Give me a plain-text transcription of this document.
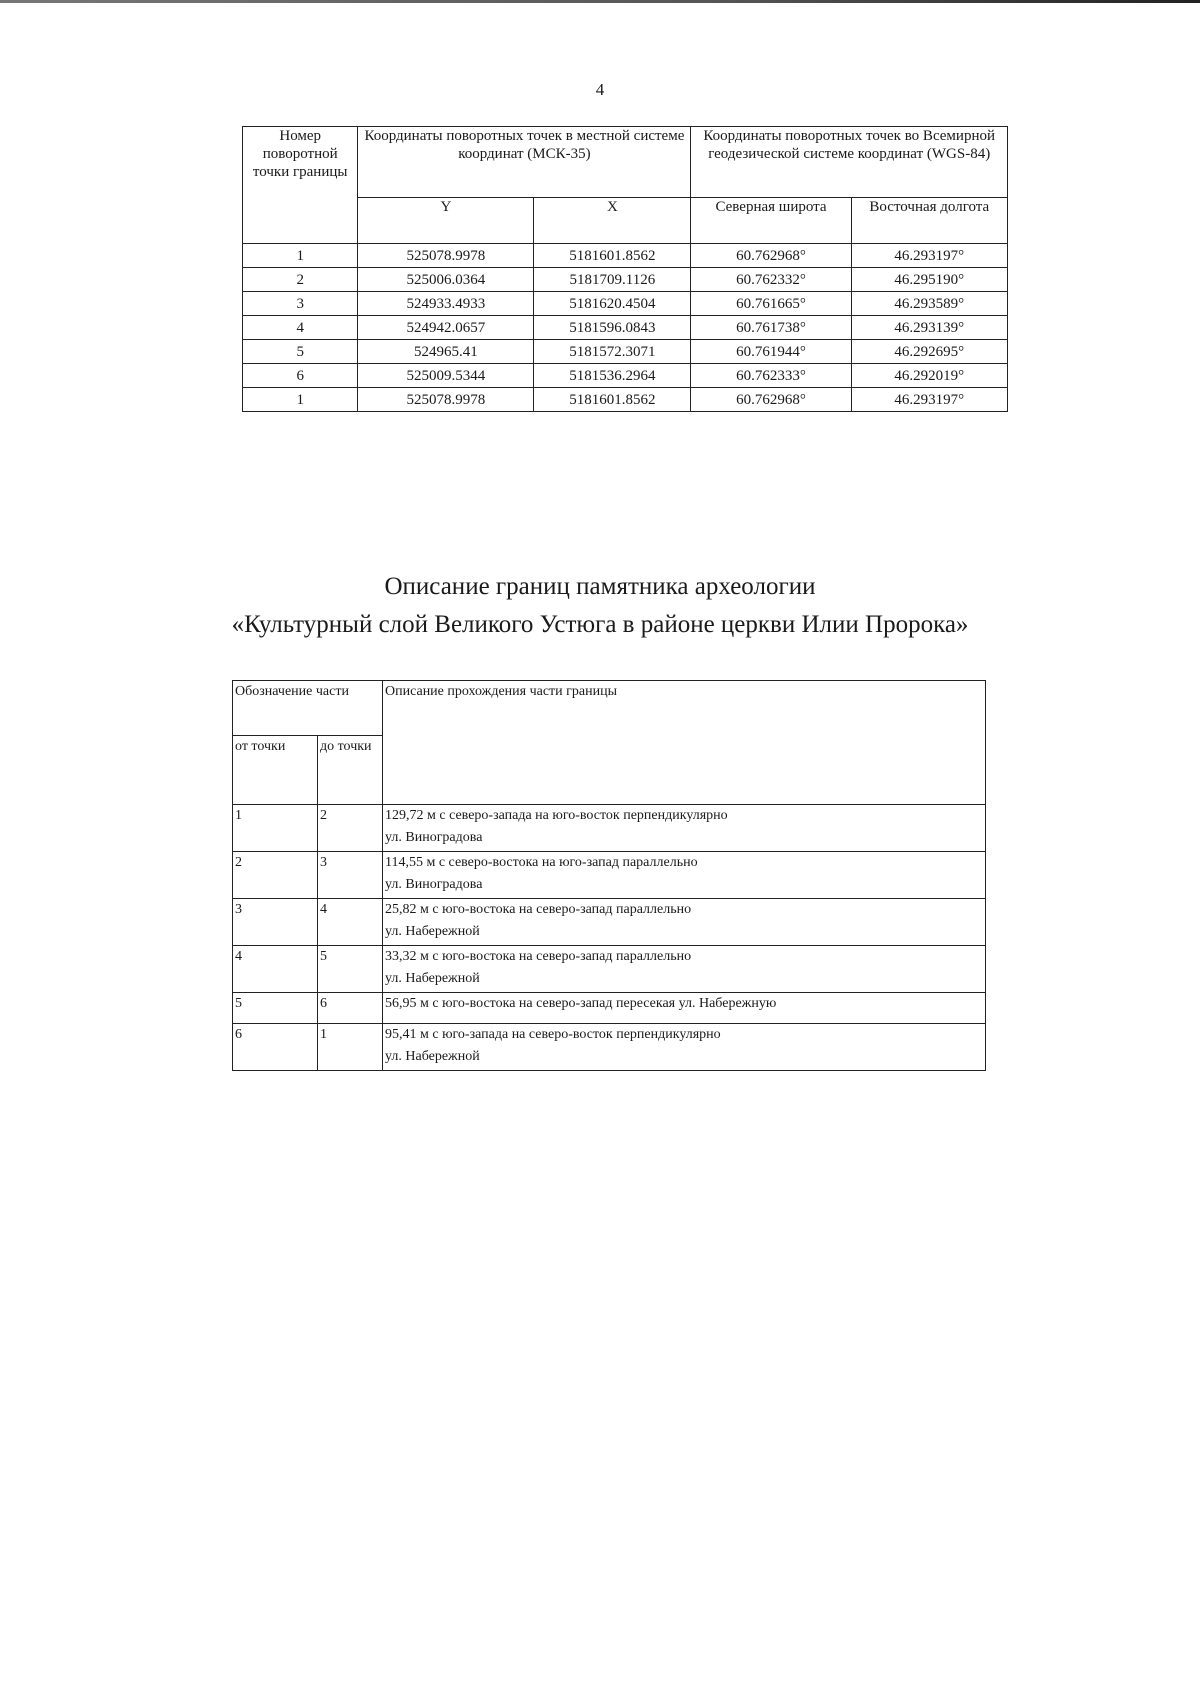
4
Номер поворотной точки границы	Координаты поворотных точек в местной системе координат (МСК-35)		Координаты поворотных точек во Всемирной геодезической системе координат (WGS-84)	
	Y	X	Северная широта	Восточная долгота
1	525078.9978	5181601.8562	60.762968°	46.293197°
2	525006.0364	5181709.1126	60.762332°	46.295190°
3	524933.4933	5181620.4504	60.761665°	46.293589°
4	524942.0657	5181596.0843	60.761738°	46.293139°
5	524965.41	5181572.3071	60.761944°	46.292695°
6	525009.5344	5181536.2964	60.762333°	46.292019°
1	525078.9978	5181601.8562	60.762968°	46.293197°
Описание границ памятника археологии
«Культурный слой Великого Устюга в районе церкви Илии Пророка»
Обозначение части		Описание прохождения части границы
от точки	до точки	
1	2	129,72 м с северо-запада на юго-восток перпендикулярно
ул. Виноградова

2	3	114,55 м с северо-востока на юго-запад параллельно
ул. Виноградова

3	4	25,82 м с юго-востока на северо-запад параллельно
ул. Набережной

4	5	33,32 м с юго-востока на северо-запад параллельно
ул. Набережной

5	6	56,95 м с юго-востока на северо-запад пересекая ул. Набережную

6	1	95,41 м с юго-запада на северо-восток перпендикулярно
ул. Набережной
